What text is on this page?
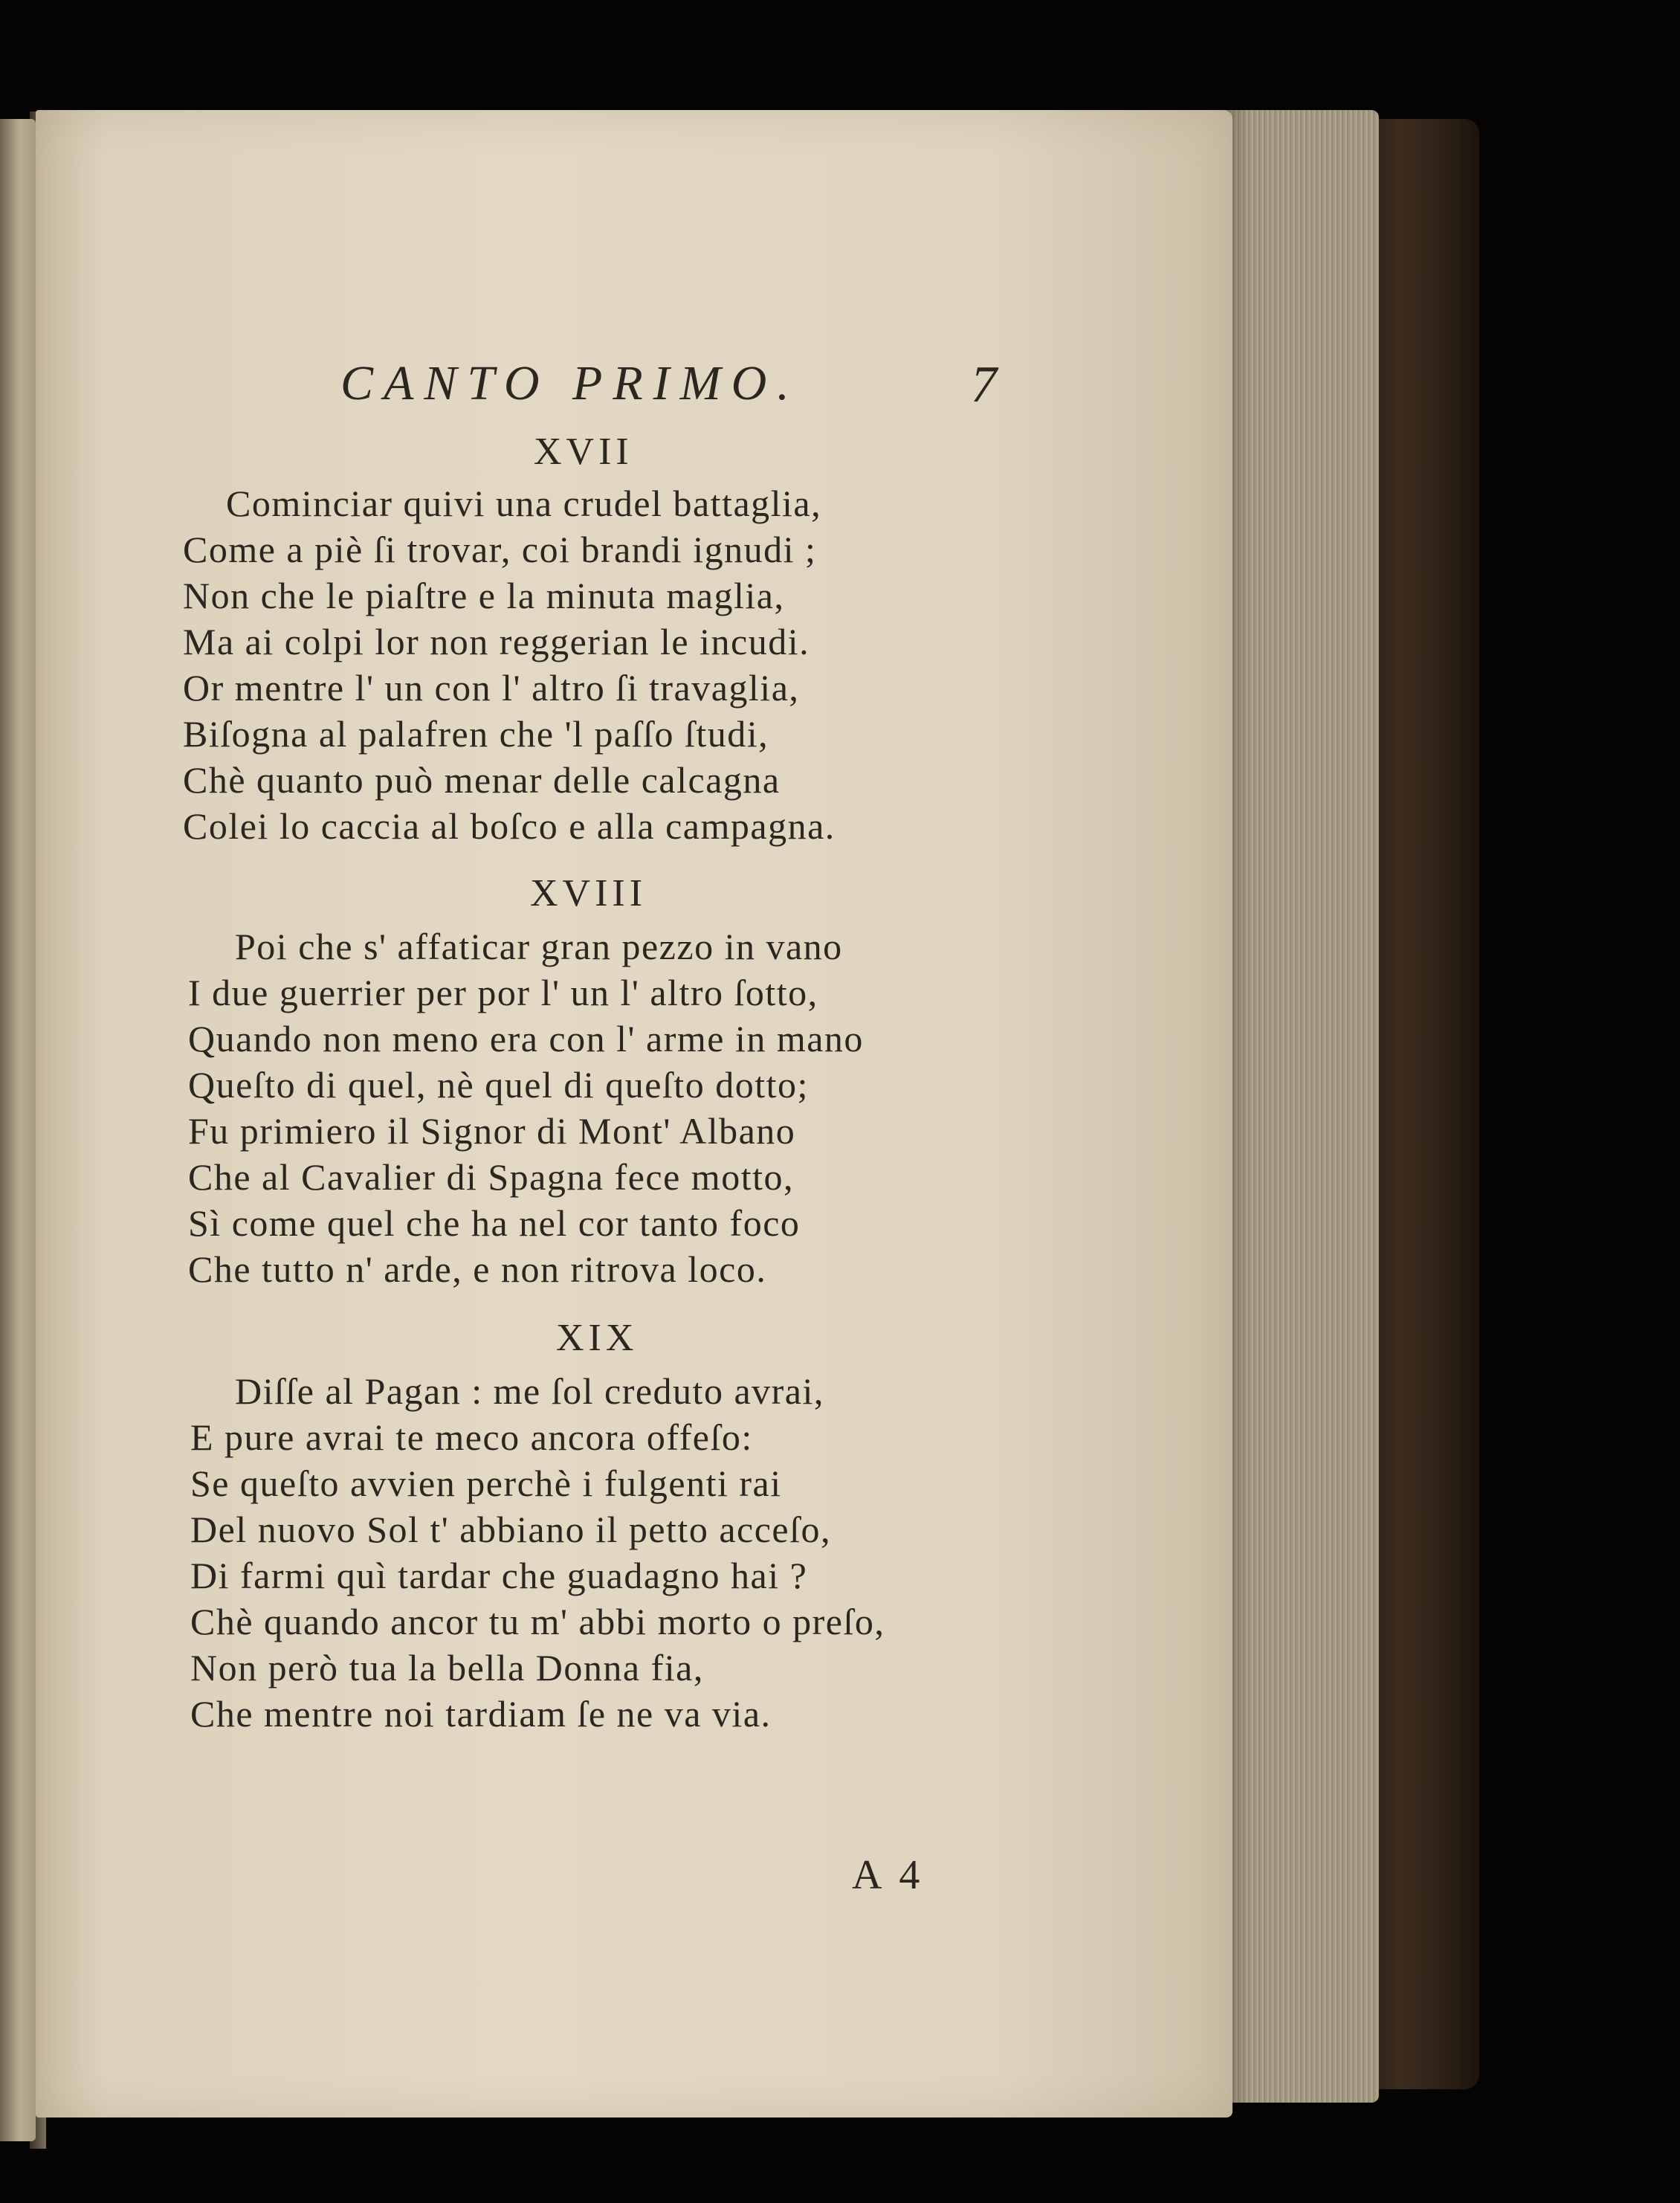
CANTO PRIMO.	7
XVII
Cominciar quivi una crudel battaglia,
Come a piè ſi trovar, coi brandi ignudi ;
Non che le piaſtre e la minuta maglia,
Ma ai colpi lor non reggerian le incudi.
Or mentre l' un con l' altro ſi travaglia,
Biſogna al palafren che 'l paſſo ſtudi,
Chè quanto può menar delle calcagna
Colei lo caccia al boſco e alla campagna.
XVIII
Poi che s' affaticar gran pezzo in vano
I due guerrier per por l' un l' altro ſotto,
Quando non meno era con l' arme in mano
Queſto di quel, nè quel di queſto dotto;
Fu primiero il Signor di Mont' Albano
Che al Cavalier di Spagna fece motto,
Sì come quel che ha nel cor tanto foco
Che tutto n' arde, e non ritrova loco.
XIX
Diſſe al Pagan : me ſol creduto avrai,
E pure avrai te meco ancora offeſo:
Se queſto avvien perchè i fulgenti rai
Del nuovo Sol t' abbiano il petto acceſo,
Di farmi quì tardar che guadagno hai ?
Chè quando ancor tu m' abbi morto o preſo,
Non però tua la bella Donna fia,
Che mentre noi tardiam ſe ne va via.
A 4
